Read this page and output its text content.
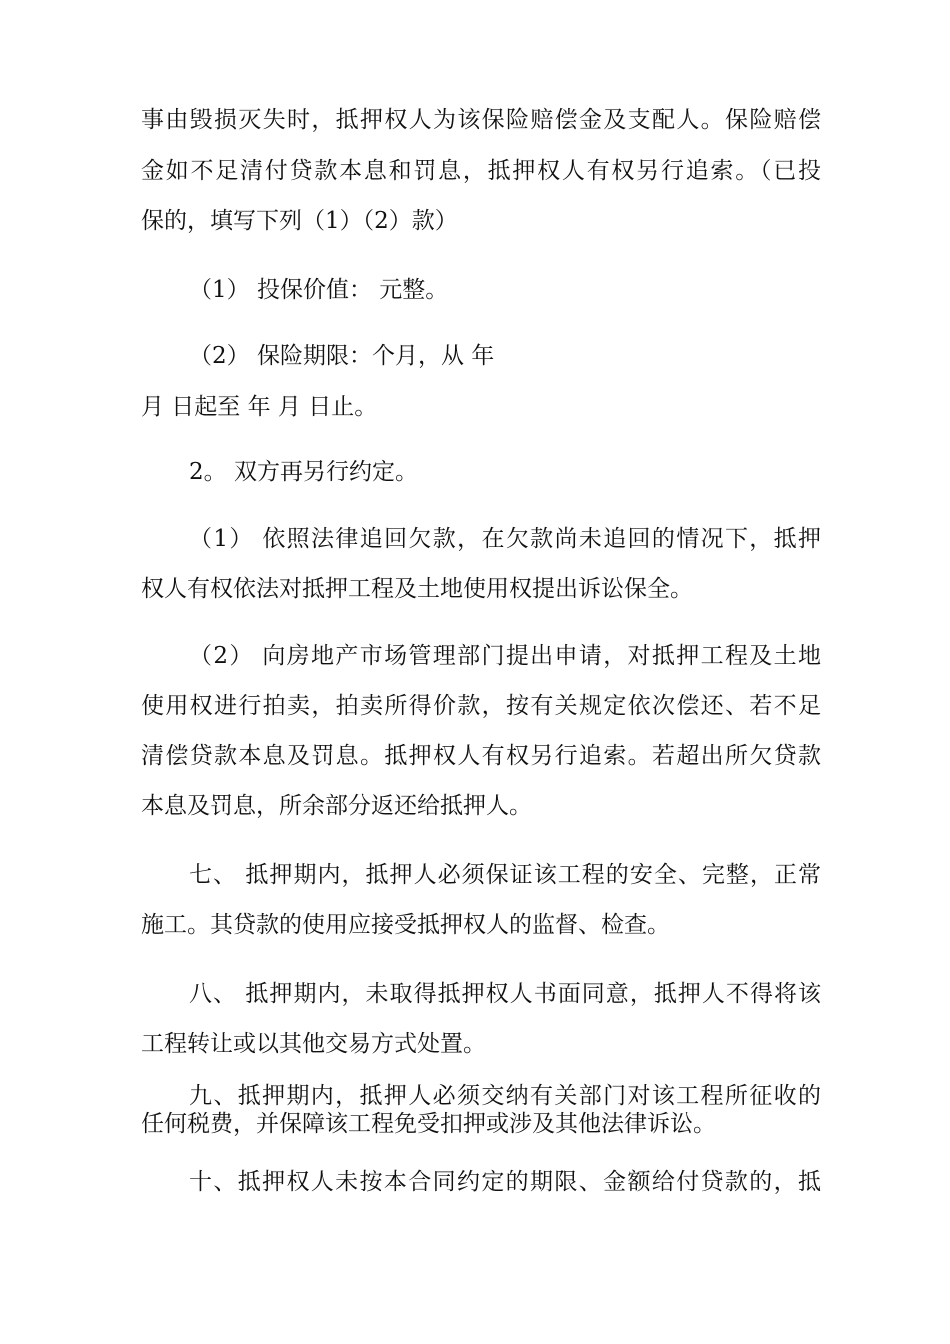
事由毁损灭失时，抵押权人为该保险赔偿金及支配人。保险赔偿
金如不足清付贷款本息和罚息，抵押权人有权另行追索。（已投
保的，填写下列（1）（2）款）
（1） 投保价值： 元整。
（2） 保险期限：个月，从 年
月 日起至 年 月 日止。
2。 双方再另行约定。
（1） 依照法律追回欠款，在欠款尚未追回的情况下，抵押
权人有权依法对抵押工程及土地使用权提出诉讼保全。
（2） 向房地产市场管理部门提出申请，对抵押工程及土地
使用权进行拍卖，拍卖所得价款，按有关规定依次偿还、若不足
清偿贷款本息及罚息。抵押权人有权另行追索。若超出所欠贷款
本息及罚息，所余部分返还给抵押人。
七、 抵押期内，抵押人必须保证该工程的安全、完整，正常
施工。其贷款的使用应接受抵押权人的监督、检查。
八、 抵押期内，未取得抵押权人书面同意，抵押人不得将该
工程转让或以其他交易方式处置。
九、抵押期内，抵押人必须交纳有关部门对该工程所征收的
任何税费，并保障该工程免受扣押或涉及其他法律诉讼。
十、抵押权人未按本合同约定的期限、金额给付贷款的，抵
